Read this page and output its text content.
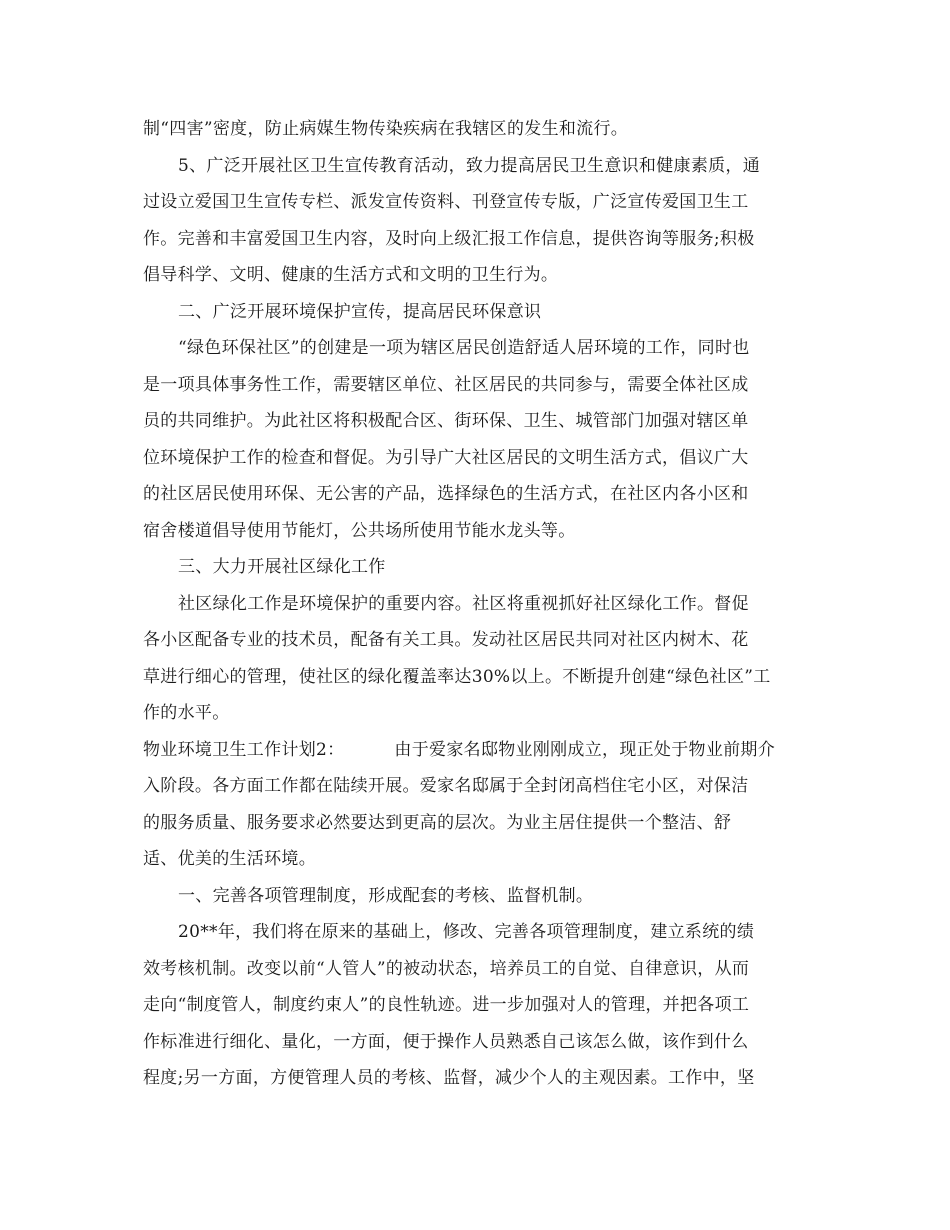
制“四害”密度，防止病媒生物传染疾病在我辖区的发生和流行。
5、广泛开展社区卫生宣传教育活动，致力提高居民卫生意识和健康素质，通
过设立爱国卫生宣传专栏、派发宣传资料、刊登宣传专版，广泛宣传爱国卫生工
作。完善和丰富爱国卫生内容，及时向上级汇报工作信息，提供咨询等服务;积极
倡导科学、文明、健康的生活方式和文明的卫生行为。
二、广泛开展环境保护宣传，提高居民环保意识
“绿色环保社区”的创建是一项为辖区居民创造舒适人居环境的工作，同时也
是一项具体事务性工作，需要辖区单位、社区居民的共同参与，需要全体社区成
员的共同维护。为此社区将积极配合区、街环保、卫生、城管部门加强对辖区单
位环境保护工作的检查和督促。为引导广大社区居民的文明生活方式，倡议广大
的社区居民使用环保、无公害的产品，选择绿色的生活方式，在社区内各小区和
宿舍楼道倡导使用节能灯，公共场所使用节能水龙头等。
三、大力开展社区绿化工作
社区绿化工作是环境保护的重要内容。社区将重视抓好社区绿化工作。督促
各小区配备专业的技术员，配备有关工具。发动社区居民共同对社区内树木、花
草进行细心的管理，使社区的绿化覆盖率达30%以上。不断提升创建“绿色社区”工
作的水平。
物业环境卫生工作计划2：	由于爱家名邸物业刚刚成立，现正处于物业前期介
入阶段。各方面工作都在陆续开展。爱家名邸属于全封闭高档住宅小区，对保洁
的服务质量、服务要求必然要达到更高的层次。为业主居住提供一个整洁、舒
适、优美的生活环境。
一、完善各项管理制度，形成配套的考核、监督机制。
20**年，我们将在原来的基础上，修改、完善各项管理制度，建立系统的绩
效考核机制。改变以前“人管人”的被动状态，培养员工的自觉、自律意识，从而
走向“制度管人，制度约束人”的良性轨迹。进一步加强对人的管理，并把各项工
作标准进行细化、量化，一方面，便于操作人员熟悉自己该怎么做，该作到什么
程度;另一方面，方便管理人员的考核、监督，减少个人的主观因素。工作中，坚
